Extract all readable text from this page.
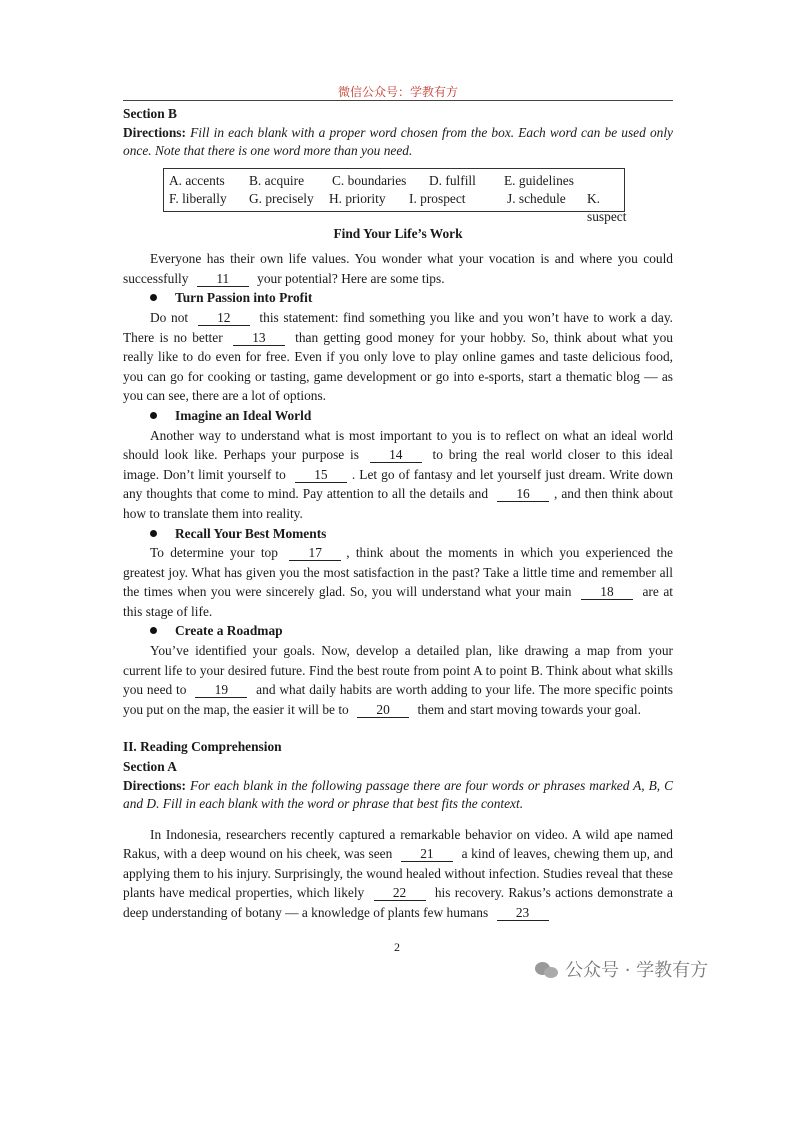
微信公众号：学教有方
Section B
Directions: Fill in each blank with a proper word chosen from the box. Each word can be used only once. Note that there is one word more than you need.
A. accents B. acquire C. boundaries D. fulfill E. guidelines
F. liberally G. precisely H. priority I. prospect	J. schedule K. suspect
Find Your Life’s Work

Everyone has their own life values. You wonder what your vocation is and where you could successfully 11 your potential? Here are some tips.

Turn Passion into Profit

Do not 12 this statement: find something you like and you won’t have to work a day. There is no better 13 than getting good money for your hobby. So, think about what you really like to do even for free. Even if you only love to play online games and taste delicious food, you can go for cooking or tasting, game development or go into e-sports, start a thematic blog — as you can see, there are a lot of options.

Imagine an Ideal World

Another way to understand what is most important to you is to reflect on what an ideal world should look like. Perhaps your purpose is 14 to bring the real world closer to this ideal image. Don’t limit yourself to 15 . Let go of fantasy and let yourself just dream. Write down any thoughts that come to mind. Pay attention to all the details and 16 , and then think about how to translate them into reality.

Recall Your Best Moments

To determine your top 17 , think about the moments in which you experienced the greatest joy. What has given you the most satisfaction in the past? Take a little time and remember all the times when you were sincerely glad. So, you will understand what your main 18 are at this stage of life.

Create a Roadmap

You’ve identified your goals. Now, develop a detailed plan, like drawing a map from your current life to your desired future. Find the best route from point A to point B. Think about what skills you need to 19 and what daily habits are worth adding to your life. The more specific points you put on the map, the easier it will be to 20 them and start moving towards your goal.

II. Reading Comprehension
Section A
Directions: For each blank in the following passage there are four words or phrases marked A, B, C and D. Fill in each blank with the word or phrase that best fits the context.

In Indonesia, researchers recently captured a remarkable behavior on video. A wild ape named Rakus, with a deep wound on his cheek, was seen 21 a kind of leaves, chewing them up, and applying them to his injury. Surprisingly, the wound healed without infection. Studies reveal that these plants have medical properties, which likely 22 his recovery. Rakus’s actions demonstrate a deep understanding of botany — a knowledge of plants few humans 23

2
公众号 · 学教有方
